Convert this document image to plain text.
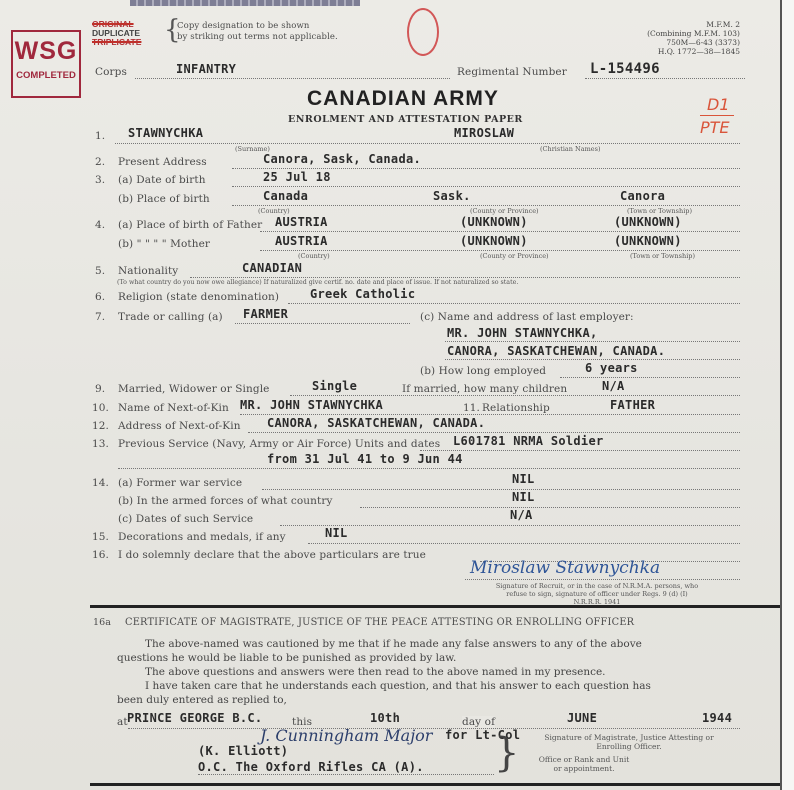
WSG
COMPLETED
ORIGINAL
DUPLICATE
TRIPLICATE {
Copy designation to be shown
by striking out terms not applicable.
M.F.M. 2
(Combining M.F.M. 103)
750M—6-43 (3373)
H.Q. 1772—38—1845
Corps	INFANTRY	Regimental Number L-154496
CANADIAN ARMY
ENROLMENT AND ATTESTATION PAPER
D1
PTE
1. STAWNYCHKA	MIROSLAW
(Surname)	(Christian Names)
2. Present Address	Canora, Sask, Canada.
3. (a) Date of birth	25 Jul 18
(b) Place of birth	Canada	Sask.	Canora
(Country)	(County or Province)	(Town or Township)
4. (a) Place of birth of Father AUSTRIA	(UNKNOWN)	(UNKNOWN)
(b) " " " " Mother	AUSTRIA	(UNKNOWN)	(UNKNOWN)
(Country)	(County or Province)	(Town or Township)
5. Nationality	CANADIAN
(To what country do you now owe allegiance) If naturalized give certif. no. date and place of issue. If not naturalized so state.
6. Religion (state denomination)	Greek Catholic
7. Trade or calling (a) FARMER	(c) Name and address of last employer:
MR. JOHN STAWNYCHKA,
CANORA, SASKATCHEWAN, CANADA.
(b) How long employed	6 years
9. Married, Widower or Single	Single	If married, how many children	N/A
10. Name of Next-of-Kin MR. JOHN STAWNYCHKA	11. Relationship	FATHER
12. Address of Next-of-Kin CANORA, SASKATCHEWAN, CANADA.
13. Previous Service (Navy, Army or Air Force) Units and dates L601781 NRMA Soldier
from 31 Jul 41 to 9 Jun 44
14. (a) Former war service	NIL
(b) In the armed forces of what country	NIL
(c) Dates of such Service	N/A
15. Decorations and medals, if any	NIL
16. I do solemnly declare that the above particulars are true
Miroslaw Stawnychka
Signature of Recruit, or in the case of N.R.M.A. persons, who
refuse to sign, signature of officer under Regs. 9 (d) (I)
N.R.R.R. 1941
16a CERTIFICATE OF MAGISTRATE, JUSTICE OF THE PEACE ATTESTING OR ENROLLING OFFICER
The above-named was cautioned by me that if he made any false answers to any of the above
questions he would be liable to be punished as provided by law.
The above questions and answers were then read to the above named in my presence.
I have taken care that he understands each question, and that his answer to each question has
been duly entered as replied to,
at PRINCE GEORGE B.C.	this	10th	day of	JUNE	1944
J. Cunningham Major for Lt-Col
(K. Elliott)
O.C. The Oxford Rifles CA (A). }	Signature of Magistrate, Justice Attesting or
Enrolling Officer.
Office or Rank and Unit
or appointment.
